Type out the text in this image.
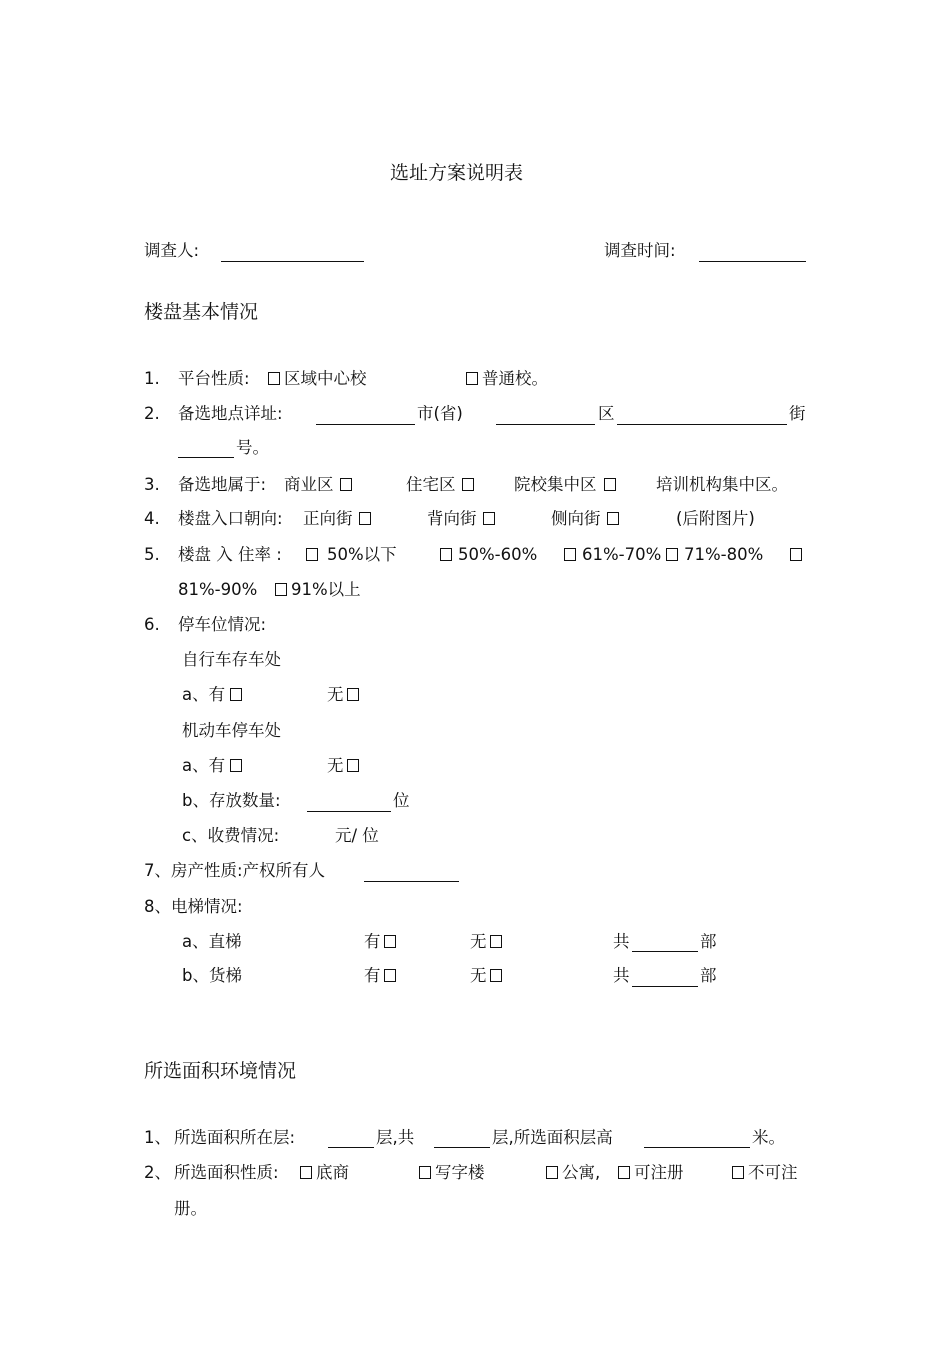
选址方案说明表
调查人:	调查时间:
楼盘基本情况
1. 平台性质: 区域中心校	普通校。
2. 备选地点详址:	市(省)	区	街
号。
3. 备选地属于: 商业区	住宅区	院校集中区	培训机构集中区。
4. 楼盘入口朝向: 正向街	背向街	侧向街	(后附图片)
5. 楼盘 入 住率 :	50%以下	50%-60%	61%-70% 71%-80%
81%-90% 91%以上
6. 停车位情况:
自行车存车处
a、有	无
机动车停车处
a、有	无
b、存放数量:	位
c、收费情况:	元/ 位
7、房产性质:产权所有人
8、电梯情况:
a、直梯	有	无	共	部
b、货梯	有	无	共	部
所选面积环境情况
1、 所选面积所在层:	层,共	层,所选面积层高	米。
2、 所选面积性质: 底商	写字楼	公寓, 可注册	不可注
册。
